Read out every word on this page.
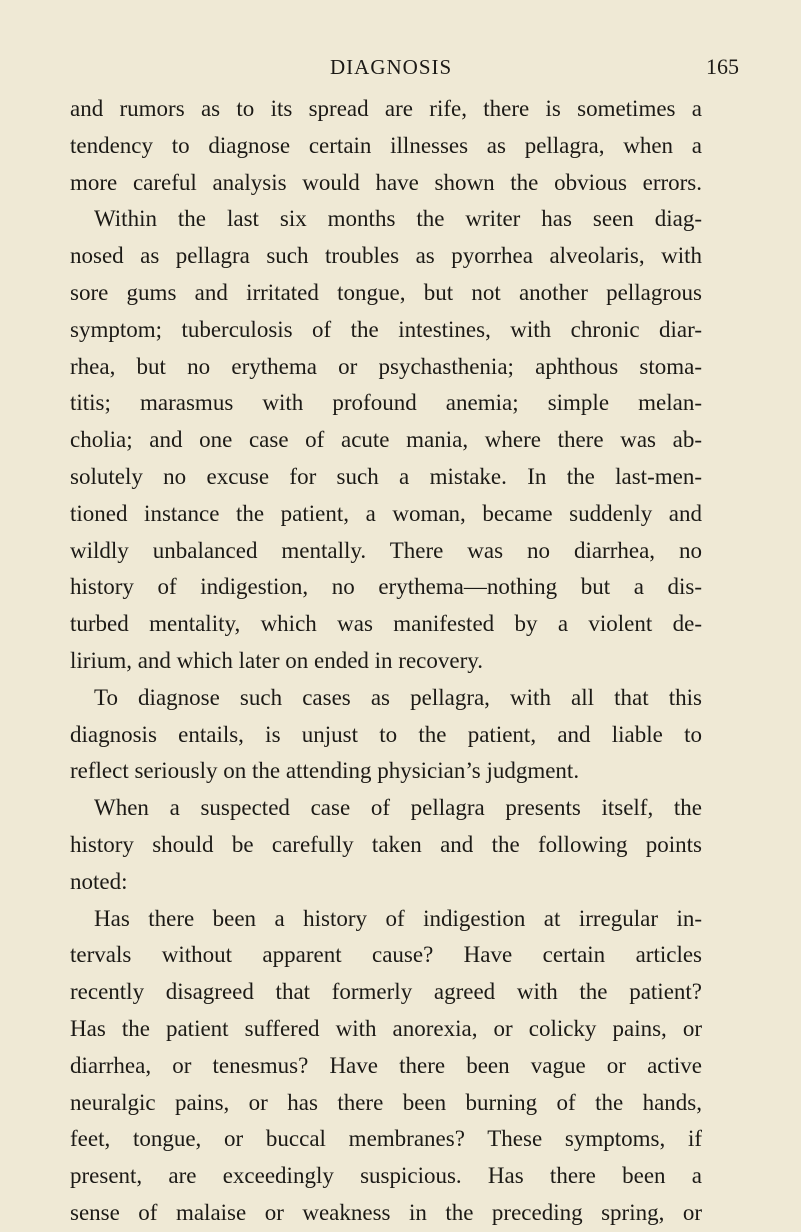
DIAGNOSIS	165
and rumors as to its spread are rife, there is sometimes a
tendency to diagnose certain illnesses as pellagra, when a
more careful analysis would have shown the obvious errors.
Within the last six months the writer has seen diag-
nosed as pellagra such troubles as pyorrhea alveolaris, with
sore gums and irritated tongue, but not another pellagrous
symptom; tuberculosis of the intestines, with chronic diar-
rhea, but no erythema or psychasthenia; aphthous stoma-
titis; marasmus with profound anemia; simple melan-
cholia; and one case of acute mania, where there was ab-
solutely no excuse for such a mistake. In the last-men-
tioned instance the patient, a woman, became suddenly and
wildly unbalanced mentally. There was no diarrhea, no
history of indigestion, no erythema—nothing but a dis-
turbed mentality, which was manifested by a violent de-
lirium, and which later on ended in recovery.
To diagnose such cases as pellagra, with all that this
diagnosis entails, is unjust to the patient, and liable to
reflect seriously on the attending physician’s judgment.
When a suspected case of pellagra presents itself, the
history should be carefully taken and the following points
noted:
Has there been a history of indigestion at irregular in-
tervals without apparent cause? Have certain articles
recently disagreed that formerly agreed with the patient?
Has the patient suffered with anorexia, or colicky pains, or
diarrhea, or tenesmus? Have there been vague or active
neuralgic pains, or has there been burning of the hands,
feet, tongue, or buccal membranes? These symptoms, if
present, are exceedingly suspicious. Has there been a
sense of malaise or weakness in the preceding spring, or
